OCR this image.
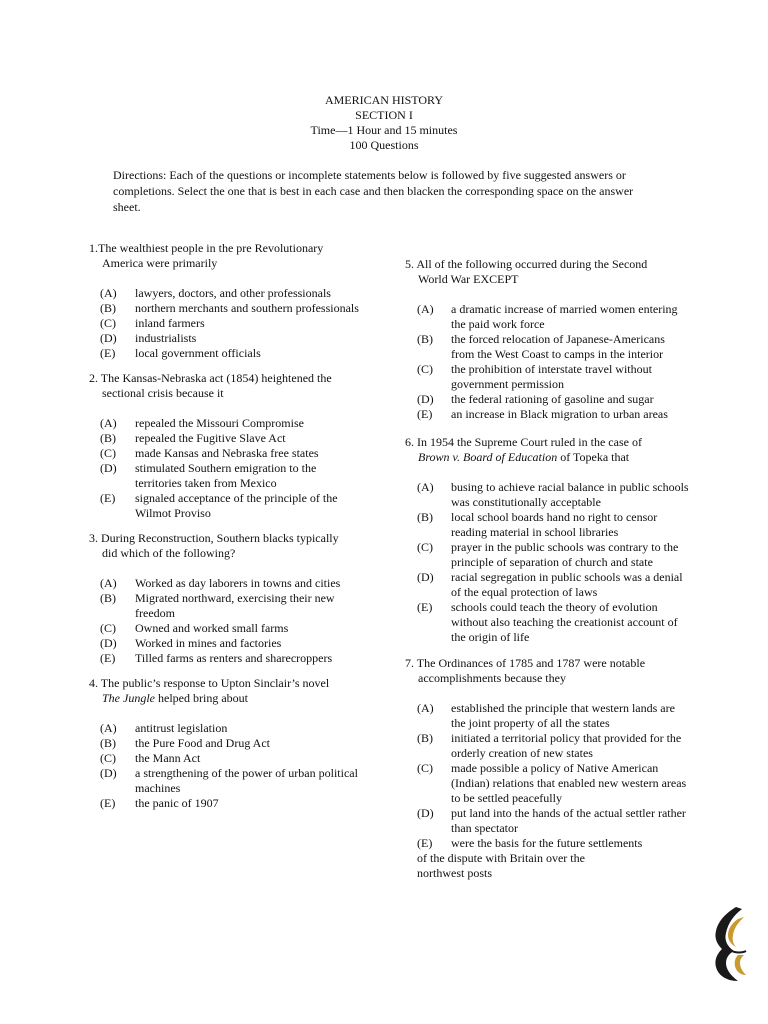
AMERICAN HISTORY
SECTION I
Time—1 Hour and 15 minutes
100 Questions
Directions: Each of the questions or incomplete statements below is followed by five suggested answers or completions. Select the one that is best in each case and then blacken the corresponding space on the answer sheet.
1.The wealthiest people in the pre Revolutionary
America were primarily
(A)	lawyers, doctors, and other professionals
(B)	northern merchants and southern professionals
(C)	inland farmers
(D)	industrialists
(E)	local government officials
2. The Kansas-Nebraska act (1854) heightened the
sectional crisis because it
(A)	repealed the Missouri Compromise
(B)	repealed the Fugitive Slave Act
(C)	made Kansas and Nebraska free states
(D)	stimulated Southern emigration to the territories taken from Mexico
(E)	signaled acceptance of the principle of the Wilmot Proviso
3. During Reconstruction, Southern blacks typically
did which of the following?
(A)	Worked as day laborers in towns and cities
(B)	Migrated northward, exercising their new freedom
(C)	Owned and worked small farms
(D)	Worked in mines and factories
(E)	Tilled farms as renters and sharecroppers
4. The public’s response to Upton Sinclair’s novel
The Jungle helped bring about
(A)	antitrust legislation
(B)	the Pure Food and Drug Act
(C)	the Mann Act
(D)	a strengthening of the power of urban political machines
(E)	the panic of 1907
5. All of the following occurred during the Second
World War EXCEPT
(A)	a dramatic increase of married women entering the paid work force
(B)	the forced relocation of Japanese-Americans from the West Coast to camps in the interior
(C)	the prohibition of interstate travel without government permission
(D)	the federal rationing of gasoline and sugar
(E)	an increase in Black migration to urban areas
6. In 1954 the Supreme Court ruled in the case of
Brown v. Board of Education of Topeka that
(A)	busing to achieve racial balance in public schools was constitutionally acceptable
(B)	local school boards hand no right to censor reading material in school libraries
(C)	prayer in the public schools was contrary to the principle of separation of church and state
(D)	racial segregation in public schools was a denial of the equal protection of laws
(E)	schools could teach the theory of evolution without also teaching the creationist account of the origin of life
7. The Ordinances of 1785 and 1787 were notable
accomplishments because they
(A)	established the principle that western lands are the joint property of all the states
(B)	initiated a territorial policy that provided for the orderly creation of new states
(C)	made possible a policy of Native American (Indian) relations that enabled new western areas to be settled peacefully
(D)	put land into the hands of the actual settler rather than spectator
(E)	were the basis for the future settlements
of the dispute with Britain over the
northwest posts
